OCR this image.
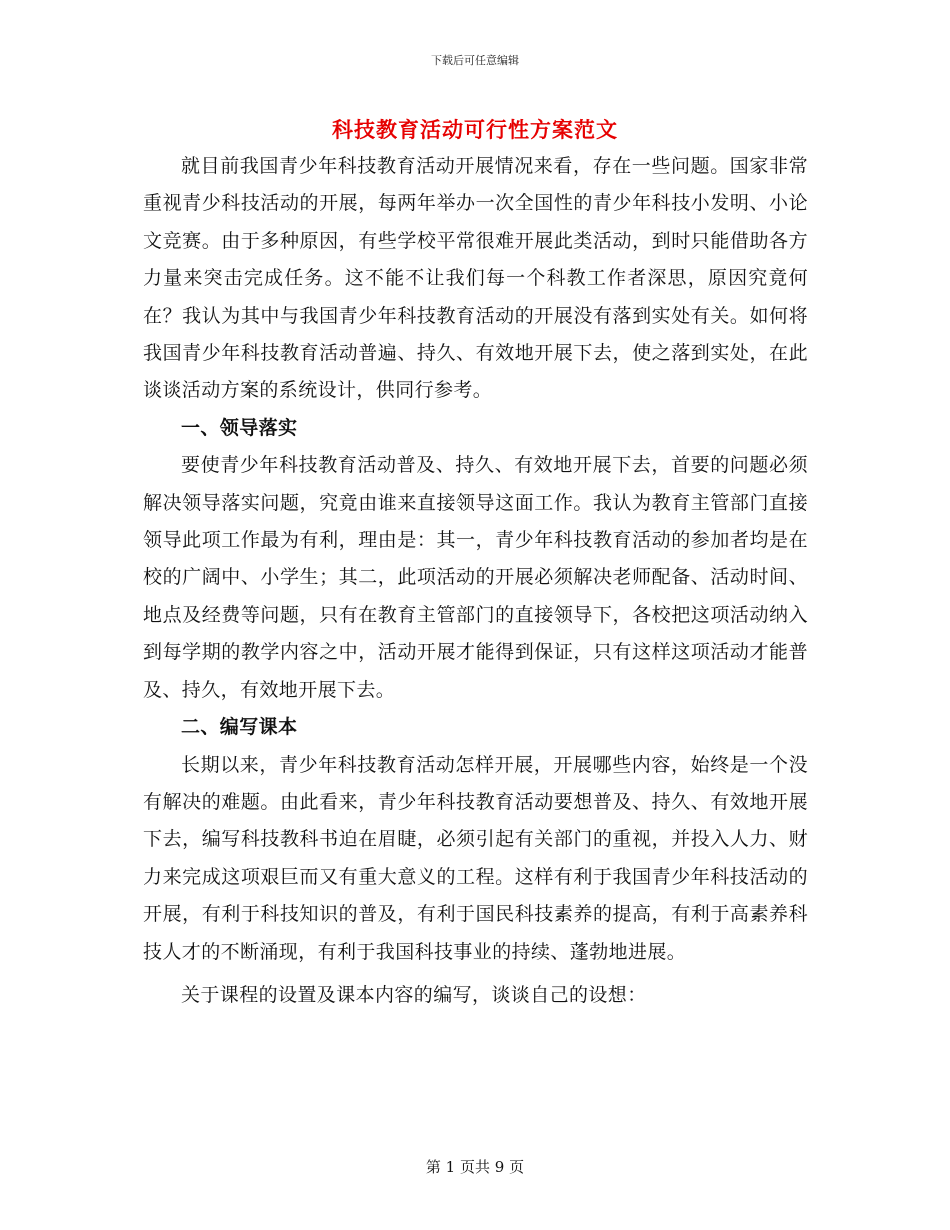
下载后可任意编辑
科技教育活动可行性方案范文

就目前我国青少年科技教育活动开展情况来看，存在一些问题。国家非常重视青少科技活动的开展，每两年举办一次全国性的青少年科技小发明、小论文竞赛。由于多种原因，有些学校平常很难开展此类活动，到时只能借助各方力量来突击完成任务。这不能不让我们每一个科教工作者深思，原因究竟何在？我认为其中与我国青少年科技教育活动的开展没有落到实处有关。如何将我国青少年科技教育活动普遍、持久、有效地开展下去，使之落到实处，在此谈谈活动方案的系统设计，供同行参考。

一、领导落实

要使青少年科技教育活动普及、持久、有效地开展下去，首要的问题必须解决领导落实问题，究竟由谁来直接领导这面工作。我认为教育主管部门直接领导此项工作最为有利，理由是：其一，青少年科技教育活动的参加者均是在校的广阔中、小学生；其二，此项活动的开展必须解决老师配备、活动时间、地点及经费等问题，只有在教育主管部门的直接领导下，各校把这项活动纳入到每学期的教学内容之中，活动开展才能得到保证，只有这样这项活动才能普及、持久，有效地开展下去。

二、编写课本

长期以来，青少年科技教育活动怎样开展，开展哪些内容，始终是一个没有解决的难题。由此看来，青少年科技教育活动要想普及、持久、有效地开展下去，编写科技教科书迫在眉睫，必须引起有关部门的重视，并投入人力、财力来完成这项艰巨而又有重大意义的工程。这样有利于我国青少年科技活动的开展，有利于科技知识的普及，有利于国民科技素养的提高，有利于高素养科技人才的不断涌现，有利于我国科技事业的持续、蓬勃地进展。

关于课程的设置及课本内容的编写，谈谈自己的设想：

第 1 页共 9 页
